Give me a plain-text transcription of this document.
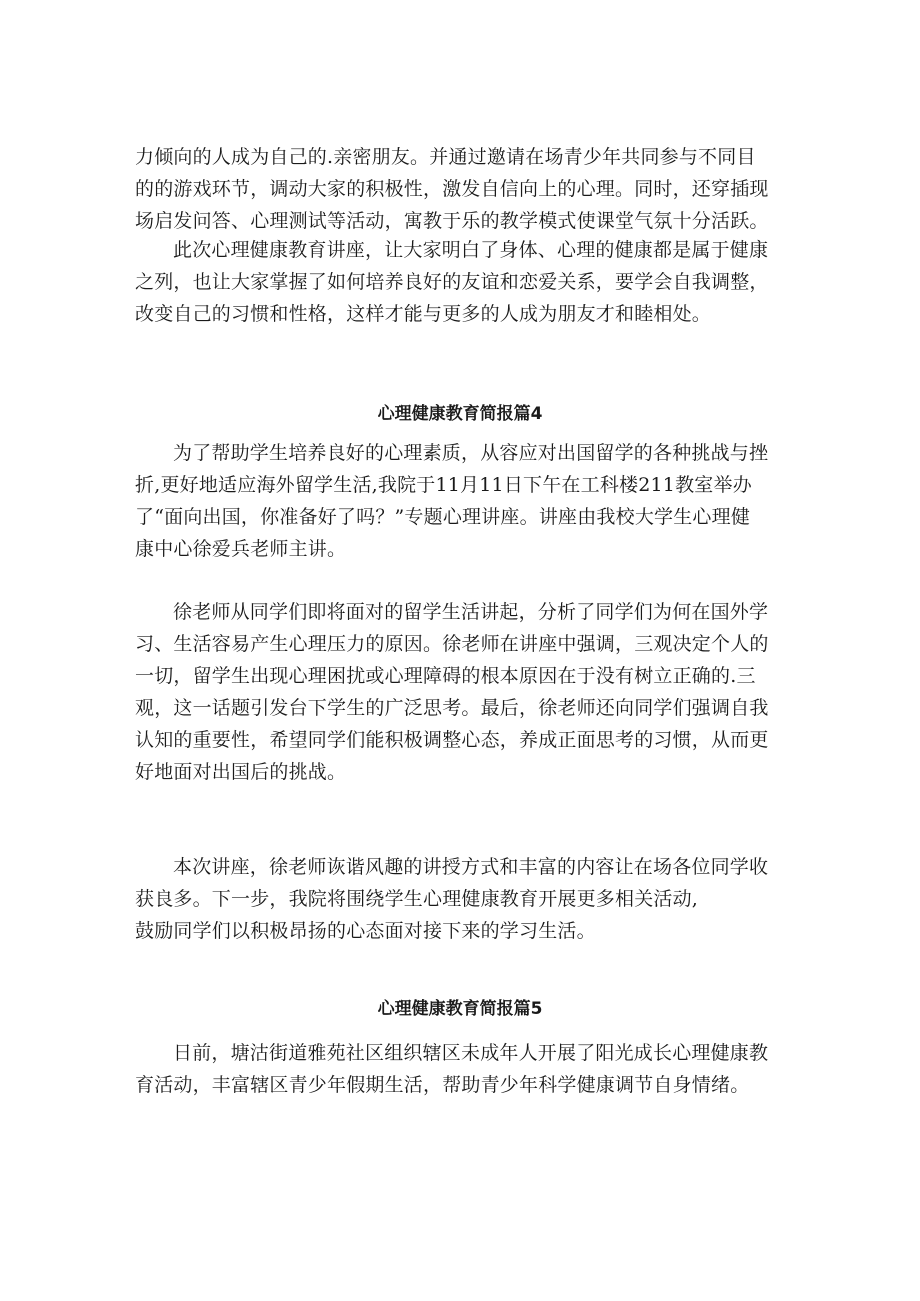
力倾向的人成为自己的.亲密朋友。并通过邀请在场青少年共同参与不同目
的的游戏环节，调动大家的积极性，激发自信向上的心理。同时，还穿插现
场启发问答、心理测试等活动，寓教于乐的教学模式使课堂气氛十分活跃。
此次心理健康教育讲座，让大家明白了身体、心理的健康都是属于健康
之列，也让大家掌握了如何培养良好的友谊和恋爱关系，要学会自我调整，
改变自己的习惯和性格，这样才能与更多的人成为朋友才和睦相处。
心理健康教育简报篇4
为了帮助学生培养良好的心理素质，从容应对出国留学的各种挑战与挫
折,更好地适应海外留学生活,我院于11月11日下午在工科楼211教室举办
了“面向出国，你准备好了吗？”专题心理讲座。讲座由我校大学生心理健
康中心徐爱兵老师主讲。
徐老师从同学们即将面对的留学生活讲起，分析了同学们为何在国外学
习、生活容易产生心理压力的原因。徐老师在讲座中强调，三观决定个人的
一切，留学生出现心理困扰或心理障碍的根本原因在于没有树立正确的.三
观，这一话题引发台下学生的广泛思考。最后，徐老师还向同学们强调自我
认知的重要性，希望同学们能积极调整心态，养成正面思考的习惯，从而更
好地面对出国后的挑战。
本次讲座，徐老师诙谐风趣的讲授方式和丰富的内容让在场各位同学收
获良多。下一步，我院将围绕学生心理健康教育开展更多相关活动,
鼓励同学们以积极昂扬的心态面对接下来的学习生活。
心理健康教育简报篇5
日前，塘沽街道雅苑社区组织辖区未成年人开展了阳光成长心理健康教
育活动，丰富辖区青少年假期生活，帮助青少年科学健康调节自身情绪。
